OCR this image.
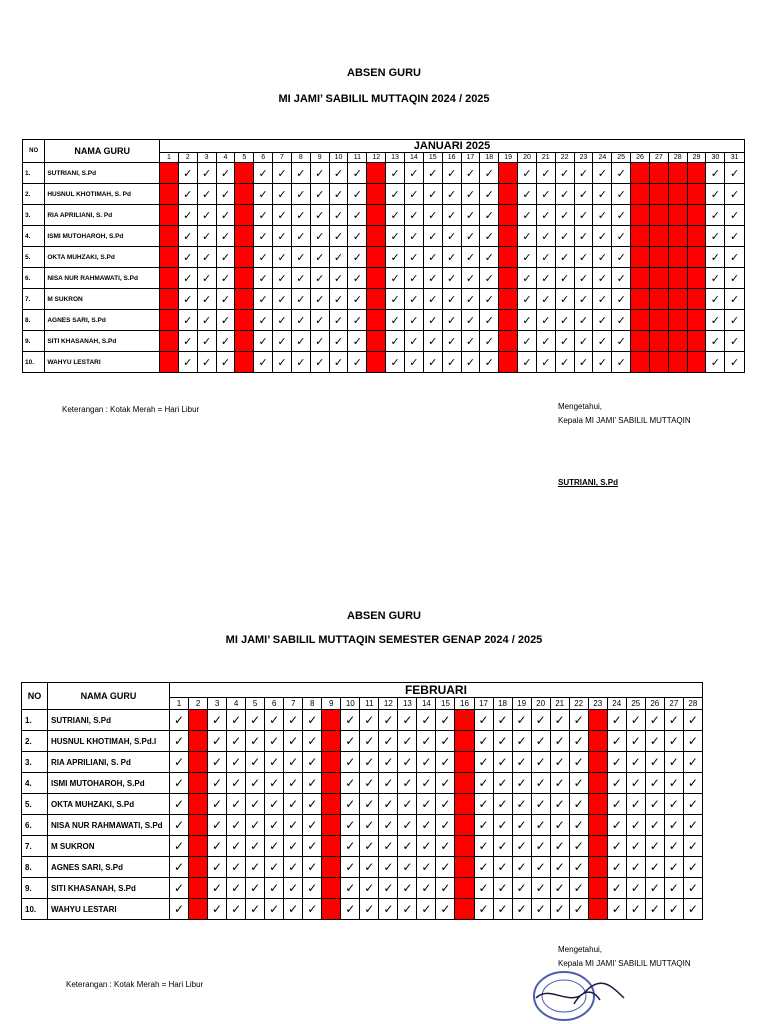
ABSEN GURU
MI JAMI’ SABILIL MUTTAQIN 2024 / 2025
NO	NAMA GURU	JANUARI 2025																														
		1	2	3	4	5	6	7	8	9	10	11	12	13	14	15	16	17	18	19	20	21	22	23	24	25	26	27	28	29	30	31
1.	SUTRIANI, S.Pd		✓	✓	✓		✓	✓	✓	✓	✓	✓		✓	✓	✓	✓	✓	✓		✓	✓	✓	✓	✓	✓					✓	✓
2.	HUSNUL KHOTIMAH, S. Pd		✓	✓	✓		✓	✓	✓	✓	✓	✓		✓	✓	✓	✓	✓	✓		✓	✓	✓	✓	✓	✓					✓	✓
3.	RIA APRILIANI, S. Pd		✓	✓	✓		✓	✓	✓	✓	✓	✓		✓	✓	✓	✓	✓	✓		✓	✓	✓	✓	✓	✓					✓	✓
4.	ISMI MUTOHAROH, S.Pd		✓	✓	✓		✓	✓	✓	✓	✓	✓		✓	✓	✓	✓	✓	✓		✓	✓	✓	✓	✓	✓					✓	✓
5.	OKTA MUHZAKI, S.Pd		✓	✓	✓		✓	✓	✓	✓	✓	✓		✓	✓	✓	✓	✓	✓		✓	✓	✓	✓	✓	✓					✓	✓
6.	NISA NUR RAHMAWATI, S.Pd		✓	✓	✓		✓	✓	✓	✓	✓	✓		✓	✓	✓	✓	✓	✓		✓	✓	✓	✓	✓	✓					✓	✓
7.	M SUKRON		✓	✓	✓		✓	✓	✓	✓	✓	✓		✓	✓	✓	✓	✓	✓		✓	✓	✓	✓	✓	✓					✓	✓
8.	AGNES SARI, S.Pd		✓	✓	✓		✓	✓	✓	✓	✓	✓		✓	✓	✓	✓	✓	✓		✓	✓	✓	✓	✓	✓					✓	✓
9.	SITI KHASANAH, S.Pd		✓	✓	✓		✓	✓	✓	✓	✓	✓		✓	✓	✓	✓	✓	✓		✓	✓	✓	✓	✓	✓					✓	✓
10.	WAHYU LESTARI		✓	✓	✓		✓	✓	✓	✓	✓	✓		✓	✓	✓	✓	✓	✓		✓	✓	✓	✓	✓	✓					✓	✓
Keterangan : Kotak Merah = Hari Libur	Mengetahui,
Kepala MI JAMI’ SABILIL MUTTAQIN
SUTRIANI, S.Pd
ABSEN GURU
MI JAMI’ SABILIL MUTTAQIN SEMESTER GENAP 2024 / 2025
NO	NAMA GURU	FEBRUARI																											
		1	2	3	4	5	6	7	8	9	10	11	12	13	14	15	16	17	18	19	20	21	22	23	24	25	26	27	28
1.	SUTRIANI, S.Pd	✓		✓	✓	✓	✓	✓	✓		✓	✓	✓	✓	✓	✓		✓	✓	✓	✓	✓	✓		✓	✓	✓	✓	✓
2.	HUSNUL KHOTIMAH, S.Pd.I	✓		✓	✓	✓	✓	✓	✓		✓	✓	✓	✓	✓	✓		✓	✓	✓	✓	✓	✓		✓	✓	✓	✓	✓
3.	RIA APRILIANI, S. Pd	✓		✓	✓	✓	✓	✓	✓		✓	✓	✓	✓	✓	✓		✓	✓	✓	✓	✓	✓		✓	✓	✓	✓	✓
4.	ISMI MUTOHAROH, S.Pd	✓		✓	✓	✓	✓	✓	✓		✓	✓	✓	✓	✓	✓		✓	✓	✓	✓	✓	✓		✓	✓	✓	✓	✓
5.	OKTA MUHZAKI, S.Pd	✓		✓	✓	✓	✓	✓	✓		✓	✓	✓	✓	✓	✓		✓	✓	✓	✓	✓	✓		✓	✓	✓	✓	✓
6.	NISA NUR RAHMAWATI, S.Pd	✓		✓	✓	✓	✓	✓	✓		✓	✓	✓	✓	✓	✓		✓	✓	✓	✓	✓	✓		✓	✓	✓	✓	✓
7.	M SUKRON	✓		✓	✓	✓	✓	✓	✓		✓	✓	✓	✓	✓	✓		✓	✓	✓	✓	✓	✓		✓	✓	✓	✓	✓
8.	AGNES SARI, S.Pd	✓		✓	✓	✓	✓	✓	✓		✓	✓	✓	✓	✓	✓		✓	✓	✓	✓	✓	✓		✓	✓	✓	✓	✓
9.	SITI KHASANAH, S.Pd	✓		✓	✓	✓	✓	✓	✓		✓	✓	✓	✓	✓	✓		✓	✓	✓	✓	✓	✓		✓	✓	✓	✓	✓
10.	WAHYU LESTARI	✓		✓	✓	✓	✓	✓	✓		✓	✓	✓	✓	✓	✓		✓	✓	✓	✓	✓	✓		✓	✓	✓	✓	✓
Mengetahui,
Kepala MI JAMI’ SABILIL MUTTAQIN
Keterangan : Kotak Merah = Hari Libur
